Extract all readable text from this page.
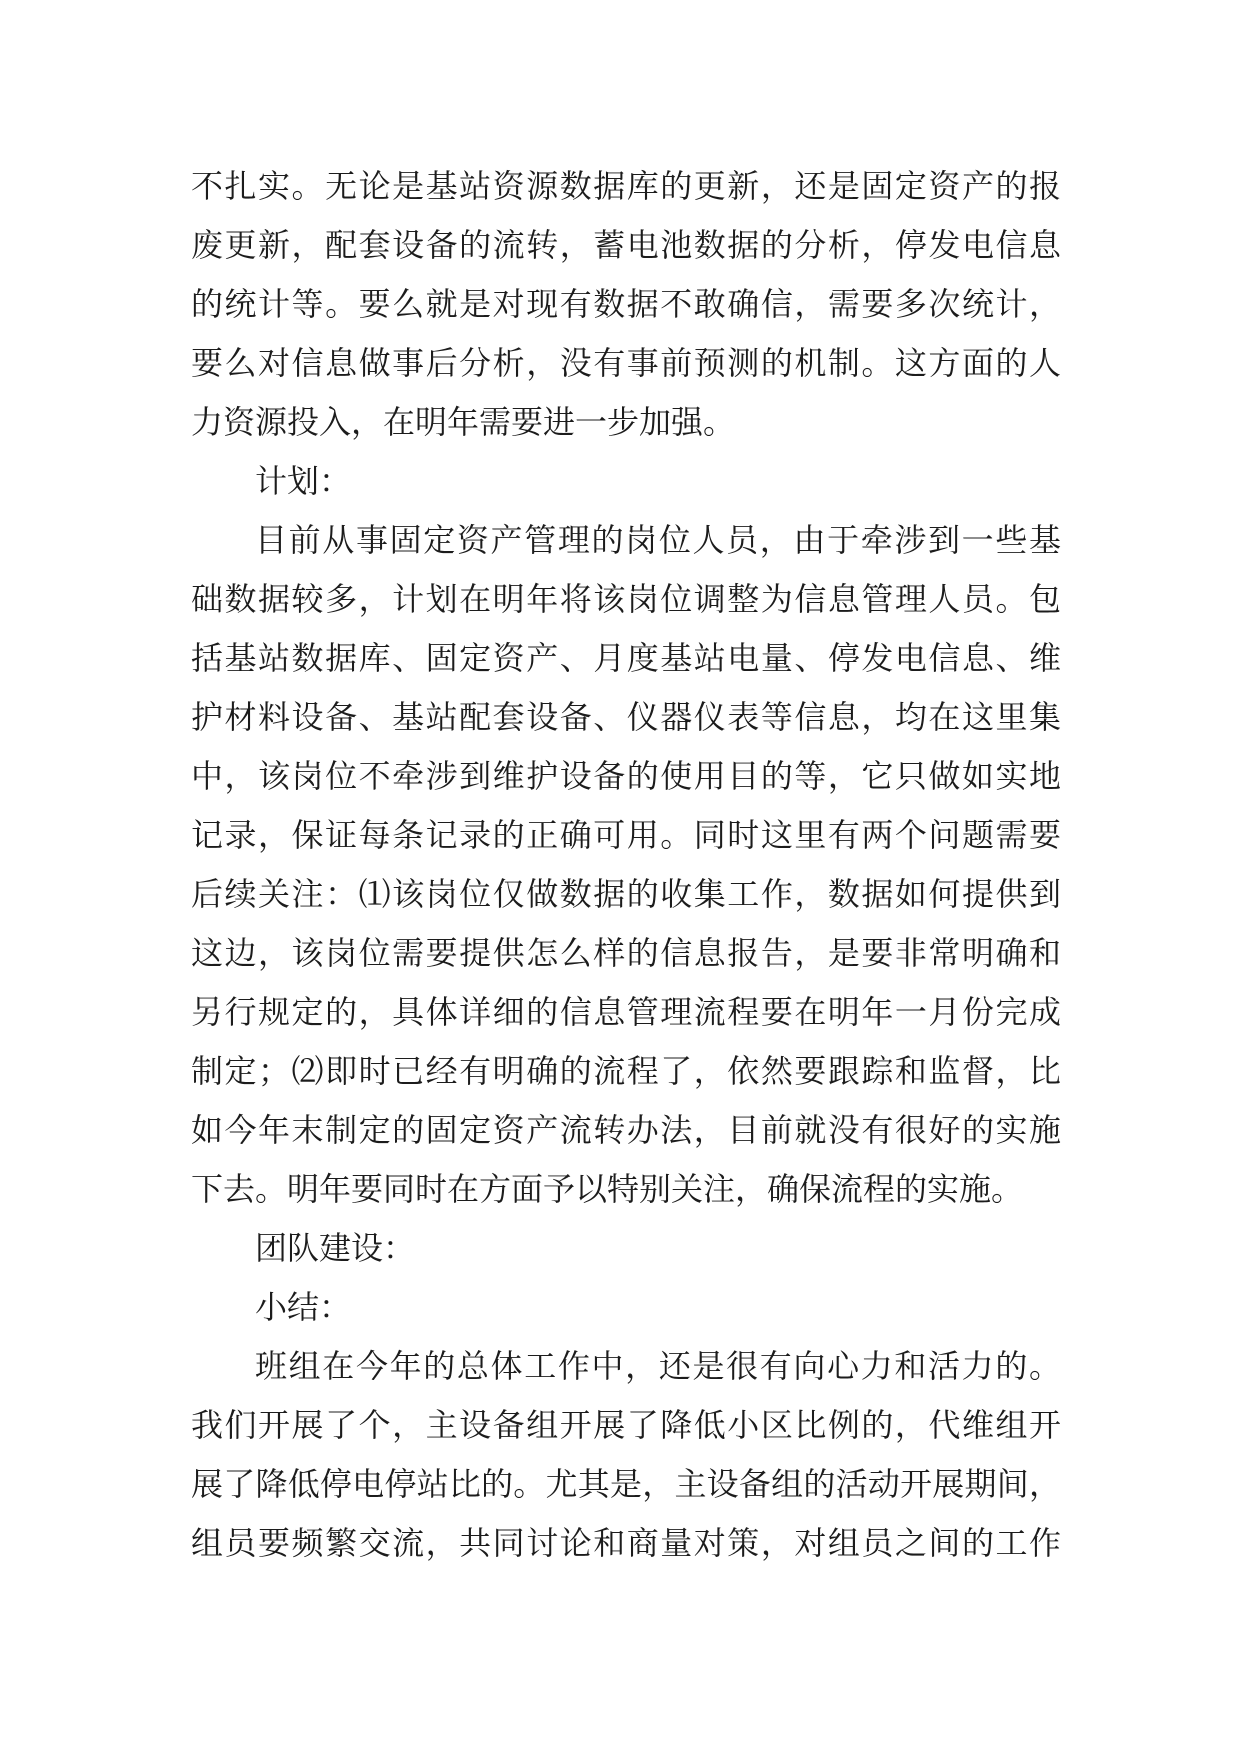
不扎实。无论是基站资源数据库的更新，还是固定资产的报
废更新，配套设备的流转，蓄电池数据的分析，停发电信息
的统计等。要么就是对现有数据不敢确信，需要多次统计，
要么对信息做事后分析，没有事前预测的机制。这方面的人
力资源投入，在明年需要进一步加强。
计划：
目前从事固定资产管理的岗位人员，由于牵涉到一些基
础数据较多，计划在明年将该岗位调整为信息管理人员。包
括基站数据库、固定资产、月度基站电量、停发电信息、维
护材料设备、基站配套设备、仪器仪表等信息，均在这里集
中，该岗位不牵涉到维护设备的使用目的等，它只做如实地
记录，保证每条记录的正确可用。同时这里有两个问题需要
后续关注：⑴该岗位仅做数据的收集工作，数据如何提供到
这边，该岗位需要提供怎么样的信息报告，是要非常明确和
另行规定的，具体详细的信息管理流程要在明年一月份完成
制定；⑵即时已经有明确的流程了，依然要跟踪和监督，比
如今年末制定的固定资产流转办法，目前就没有很好的实施
下去。明年要同时在方面予以特别关注，确保流程的实施。
团队建设：
小结：
班组在今年的总体工作中，还是很有向心力和活力的。
我们开展了个，主设备组开展了降低小区比例的，代维组开
展了降低停电停站比的。尤其是，主设备组的活动开展期间，
组员要频繁交流，共同讨论和商量对策，对组员之间的工作
